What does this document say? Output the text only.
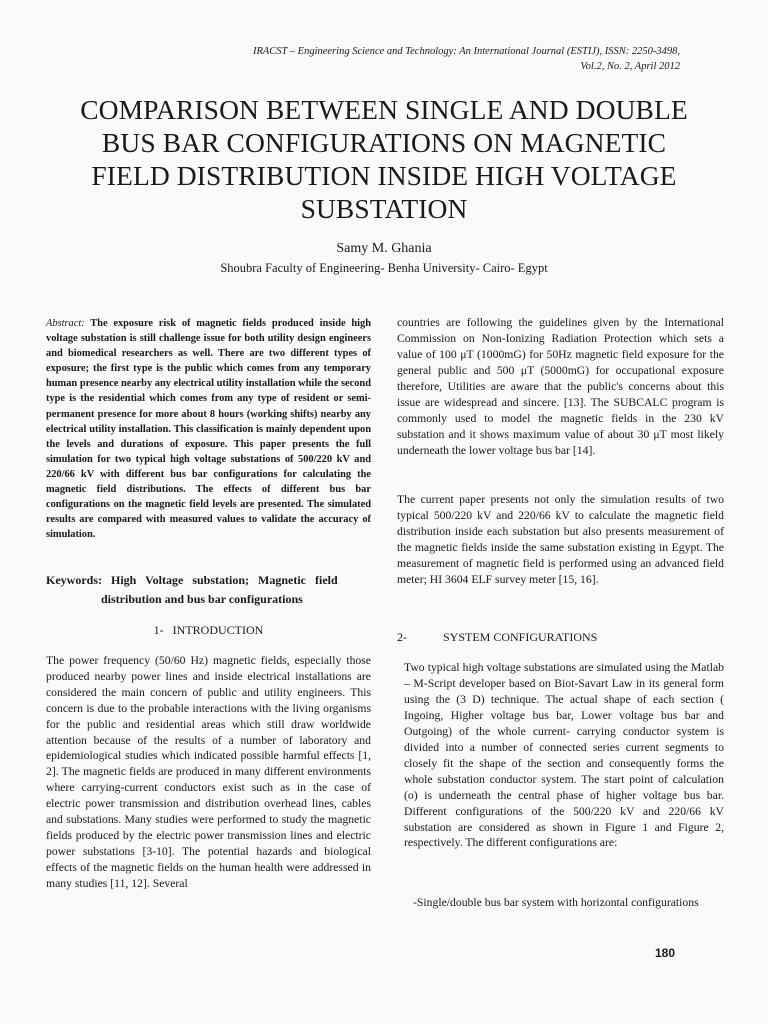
IRACST – Engineering Science and Technology: An International Journal (ESTIJ), ISSN: 2250-3498,
Vol.2, No. 2, April 2012
COMPARISON BETWEEN SINGLE AND DOUBLE BUS BAR CONFIGURATIONS ON MAGNETIC FIELD DISTRIBUTION INSIDE HIGH VOLTAGE SUBSTATION
Samy M. Ghania
Shoubra Faculty of Engineering- Benha University- Cairo- Egypt
Abstract: The exposure risk of magnetic fields produced inside high voltage substation is still challenge issue for both utility design engineers and biomedical researchers as well. There are two different types of exposure; the first type is the public which comes from any temporary human presence nearby any electrical utility installation while the second type is the residential which comes from any type of resident or semi-permanent presence for more about 8 hours (working shifts) nearby any electrical utility installation. This classification is mainly dependent upon the levels and durations of exposure. This paper presents the full simulation for two typical high voltage substations of 500/220 kV and 220/66 kV with different bus bar configurations for calculating the magnetic field distributions. The effects of different bus bar configurations on the magnetic field levels are presented. The simulated results are compared with measured values to validate the accuracy of simulation.
Keywords:   High   Voltage   substation;   Magnetic   field
distribution and bus bar configurations
1-   INTRODUCTION
The power frequency (50/60 Hz) magnetic fields, especially those produced nearby power lines and inside electrical installations are considered the main concern of public and utility engineers. This concern is due to the probable interactions with the living organisms for the public and residential areas which still draw worldwide attention because of the results of a number of laboratory and epidemiological studies which indicated possible harmful effects [1, 2]. The magnetic fields are produced in many different environments where carrying-current conductors exist such as in the case of electric power transmission and distribution overhead lines, cables and substations. Many studies were performed to study the magnetic fields produced by the electric power transmission lines and electric power substations [3-10]. The potential hazards and biological effects of the magnetic fields on the human health were addressed in many studies [11, 12]. Several
countries are following the guidelines given by the International Commission on Non-Ionizing Radiation Protection which sets a value of 100 μT (1000mG) for 50Hz magnetic field exposure for the general public and 500 μT (5000mG) for occupational exposure therefore, Utilities are aware that the public's concerns about this issue are widespread and sincere. [13]. The SUBCALC program is commonly used to model the magnetic fields in the 230 kV substation and it shows maximum value of about 30 μT most likely underneath the lower voltage bus bar [14].
The current paper presents not only the simulation results of two typical 500/220 kV and 220/66 kV to calculate the magnetic field distribution inside each substation but also presents measurement of the magnetic fields inside the same substation existing in Egypt. The measurement of magnetic field is performed using an advanced field meter; HI 3604 ELF survey meter [15, 16].
2-	SYSTEM CONFIGURATIONS
Two typical high voltage substations are simulated using the Matlab – M-Script developer based on Biot-Savart Law in its general form using the (3 D) technique. The actual shape of each section ( Ingoing, Higher voltage bus bar, Lower voltage bus bar and Outgoing) of the whole current- carrying conductor system is divided into a number of connected series current segments to closely fit the shape of the section and consequently forms the whole substation conductor system. The start point of calculation (o) is underneath the central phase of higher voltage bus bar. Different configurations of the 500/220 kV and 220/66 kV substation are considered as shown in Figure 1 and Figure 2, respectively. The different configurations are:
-Single/double bus bar system with horizontal configurations
180
